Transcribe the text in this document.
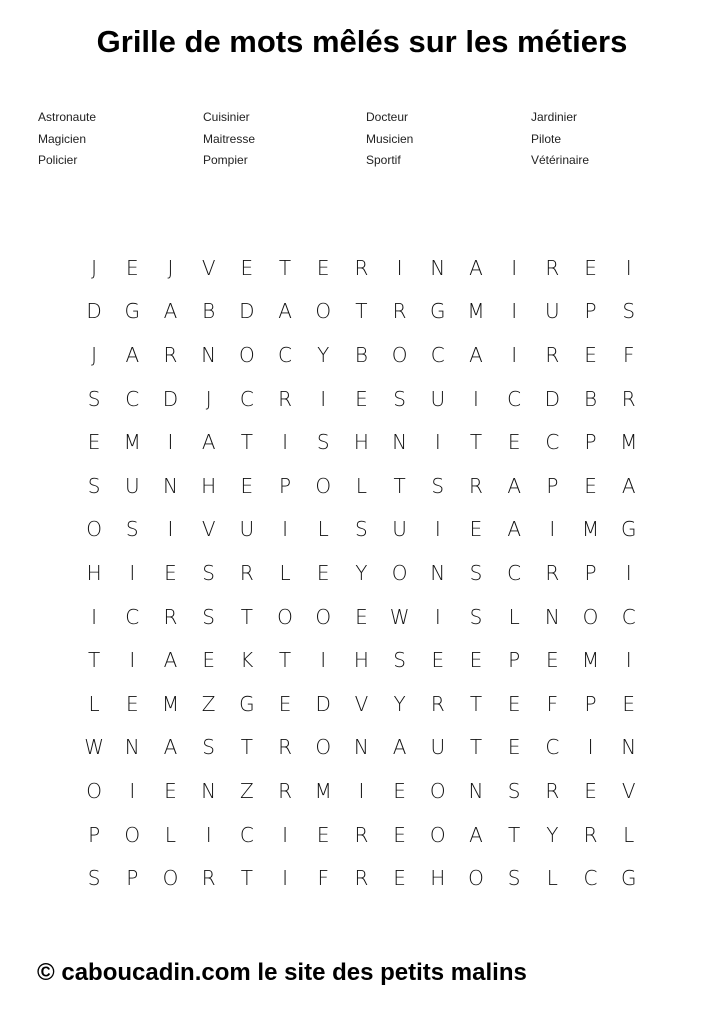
Grille de mots mêlés sur les métiers
Astronaute
Magicien
Policier
Cuisinier
Maitresse
Pompier
Docteur
Musicien
Sportif
Jardinier
Pilote
Vétérinaire
J	E	J	V	E	T	E	R	I	N	A	I	R	E	I
D	G	A	B	D	A	O	T	R	G	M	I	U	P	S
J	A	R	N	O	C	Y	B	O	C	A	I	R	E	F
S	C	D	J	C	R	I	E	S	U	I	C	D	B	R
E	M	I	A	T	I	S	H	N	I	T	E	C	P	M
S	U	N	H	E	P	O	L	T	S	R	A	P	E	A
O	S	I	V	U	I	L	S	U	I	E	A	I	M	G
H	I	E	S	R	L	E	Y	O	N	S	C	R	P	I
I	C	R	S	T	O	O	E	W	I	S	L	N	O	C
T	I	A	E	K	T	I	H	S	E	E	P	E	M	I
L	E	M	Z	G	E	D	V	Y	R	T	E	F	P	E
W	N	A	S	T	R	O	N	A	U	T	E	C	I	N
O	I	E	N	Z	R	M	I	E	O	N	S	R	E	V
P	O	L	I	C	I	E	R	E	O	A	T	Y	R	L
S	P	O	R	T	I	F	R	E	H	O	S	L	C	G
© caboucadin.com le site des petits malins
